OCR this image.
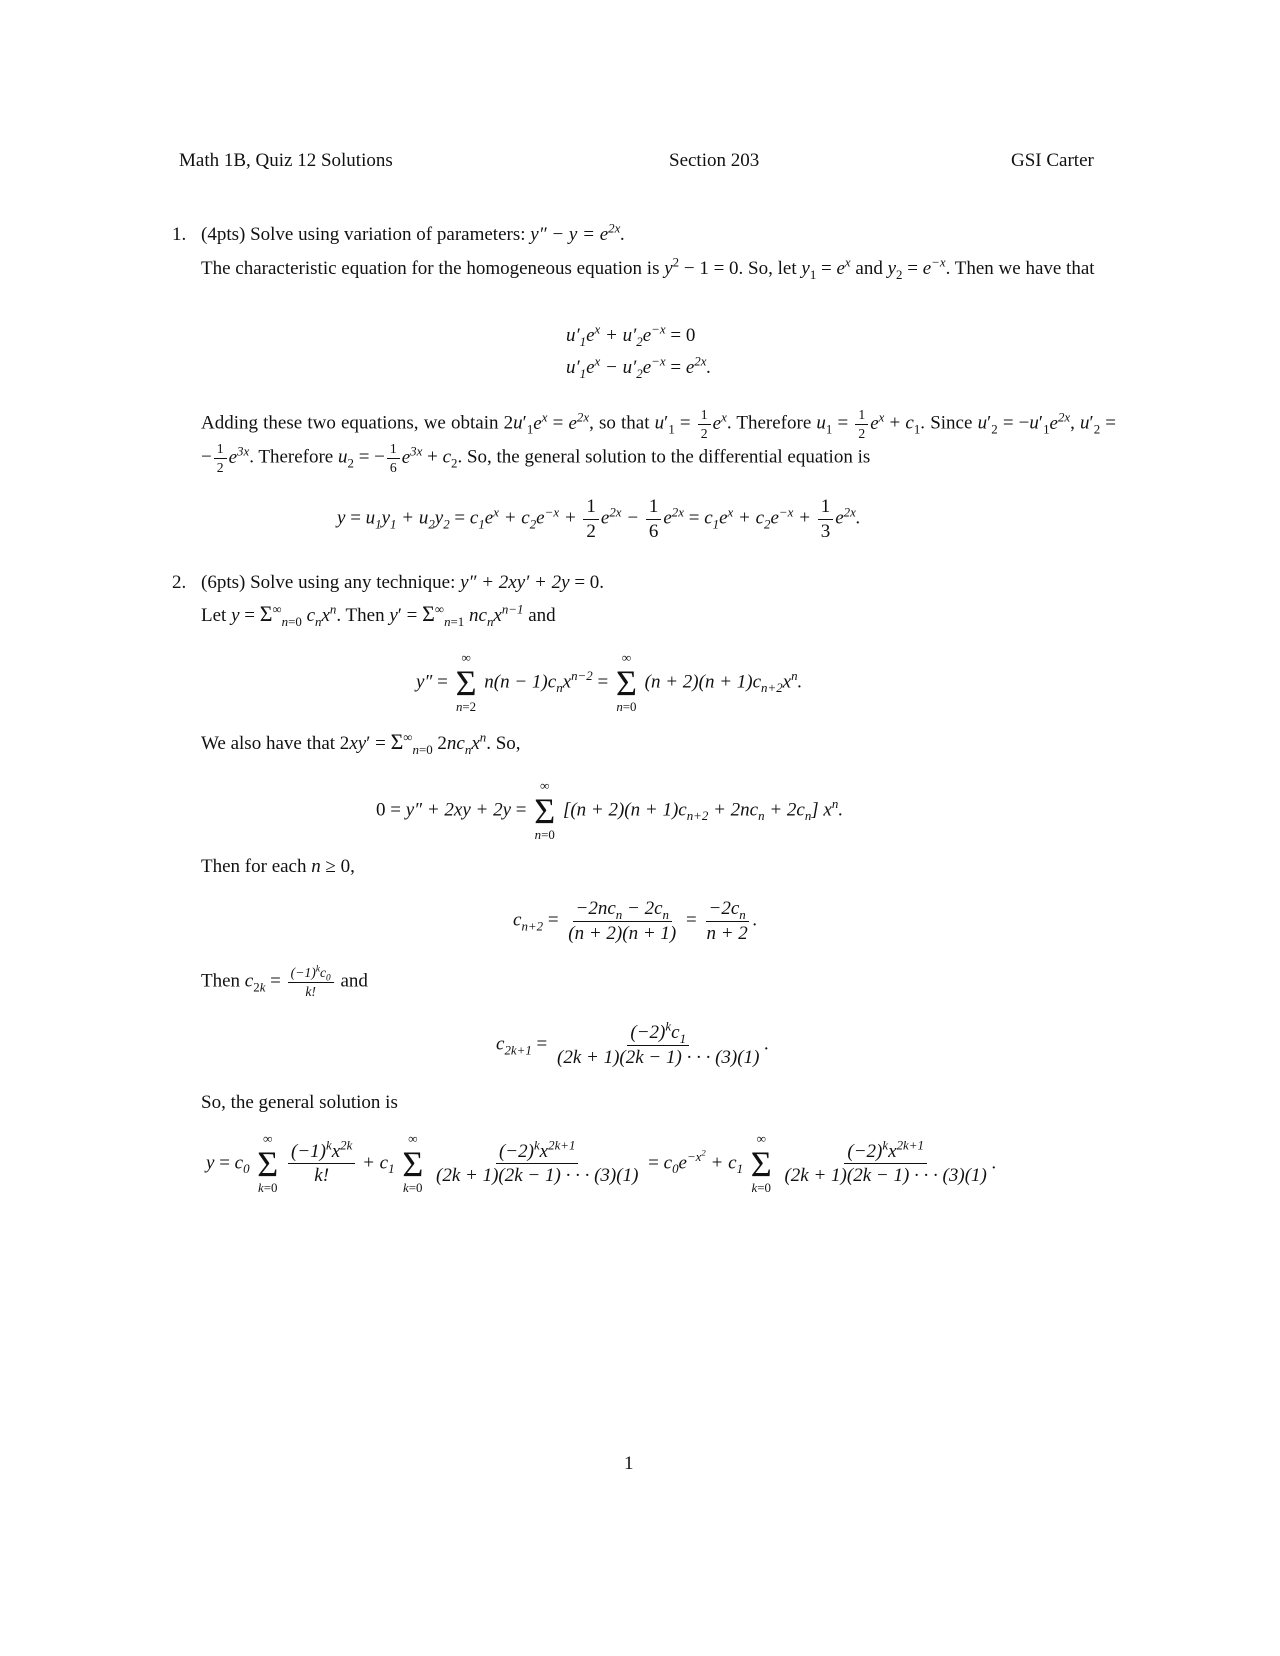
Math 1B, Quiz 12 Solutions	Section 203	GSI Carter
1. (4pts) Solve using variation of parameters: $y'' - y = e^{2x}$.
The characteristic equation for the homogeneous equation is $y^2 - 1 = 0$. So, let $y_1 = e^x$ and $y_2 = e^{-x}$. Then we have that
$u'_1e^x + u'_2e^{-x} = 0$
$u'_1e^x - u'_2e^{-x} = e^{2x}$.
Adding these two equations, we obtain $2u'_1e^x = e^{2x}$, so that $u'_1 = \frac{1}{2} e^x$. Therefore $u_1 = \frac{1}{2} e^x + c_1$. Since $u'_2 = -u'_1e^{2x}$, $u'_2$ = − $\frac{1}{2} e^{3x}$. Therefore $u_2$ = − $\frac{1}{6} e^{3x} + c_2$. So, the general solution to the differential equation is
$y = u_1y_1 + u_2y_2 = c_1e^x + c_2e^{-x} + \frac{1}{2} e^{2x} - \frac{1}{6} e^{2x} = c_1e^x + c_2e^{-x} + \frac{1}{3} e^{2x}$.
2. (6pts) Solve using any technique: y″ + 2xy′ + 2y = 0.
Let $y = \Sigma^\infty_{n=0}$ $c_nx^n$. Then $y' = \Sigma^\infty_{n=1}$ $nc_nx^{n-1}$ and
y″ =
∞
Σ
n=2
$n(n - 1)c_nx^{n-2}$ =
∞
Σ
n=0
$(n + 2)(n + 1)c_{n+2}x^n$.
We also have that $2xy' = \Sigma^\infty_{n=0}$ $2nc_nx^n$. So,
0 = y″ + 2xy + 2y =
∞
Σ
n=0
$[(n + 2)(n + 1)c_{n+2} + 2nc_n + 2c_n]$ $x^n$.
Then for each n ≥ 0,
$c_{n+2} = \frac{-2nc_n - 2c_n}{(n + 2)(n + 1)} = \frac{-2c_n}{n + 2}$ .
Then $c_{2k} = \frac{(-1)^kc_0}{k!}$ and
$c_{2k+1} = \frac{(-2)^kc_1}{(2k + 1)(2k - 1) \cdot \cdot \cdot (3)(1)}$ .
So, the general solution is
$y = c_0$
∞
Σ
k=0

$\frac{(-1)^kx^{2k}}{k!} + c_1$
∞
Σ
k=0

$\frac{(-2)^kx^{2k+1}}{(2k + 1)(2k - 1) \cdot \cdot \cdot (3)(1)} = c_0e^{-x^2} + c_1$
∞
Σ
k=0

$\frac{(-2)^kx^{2k+1}}{(2k + 1)(2k - 1) \cdot \cdot \cdot (3)(1)}$ .
1
